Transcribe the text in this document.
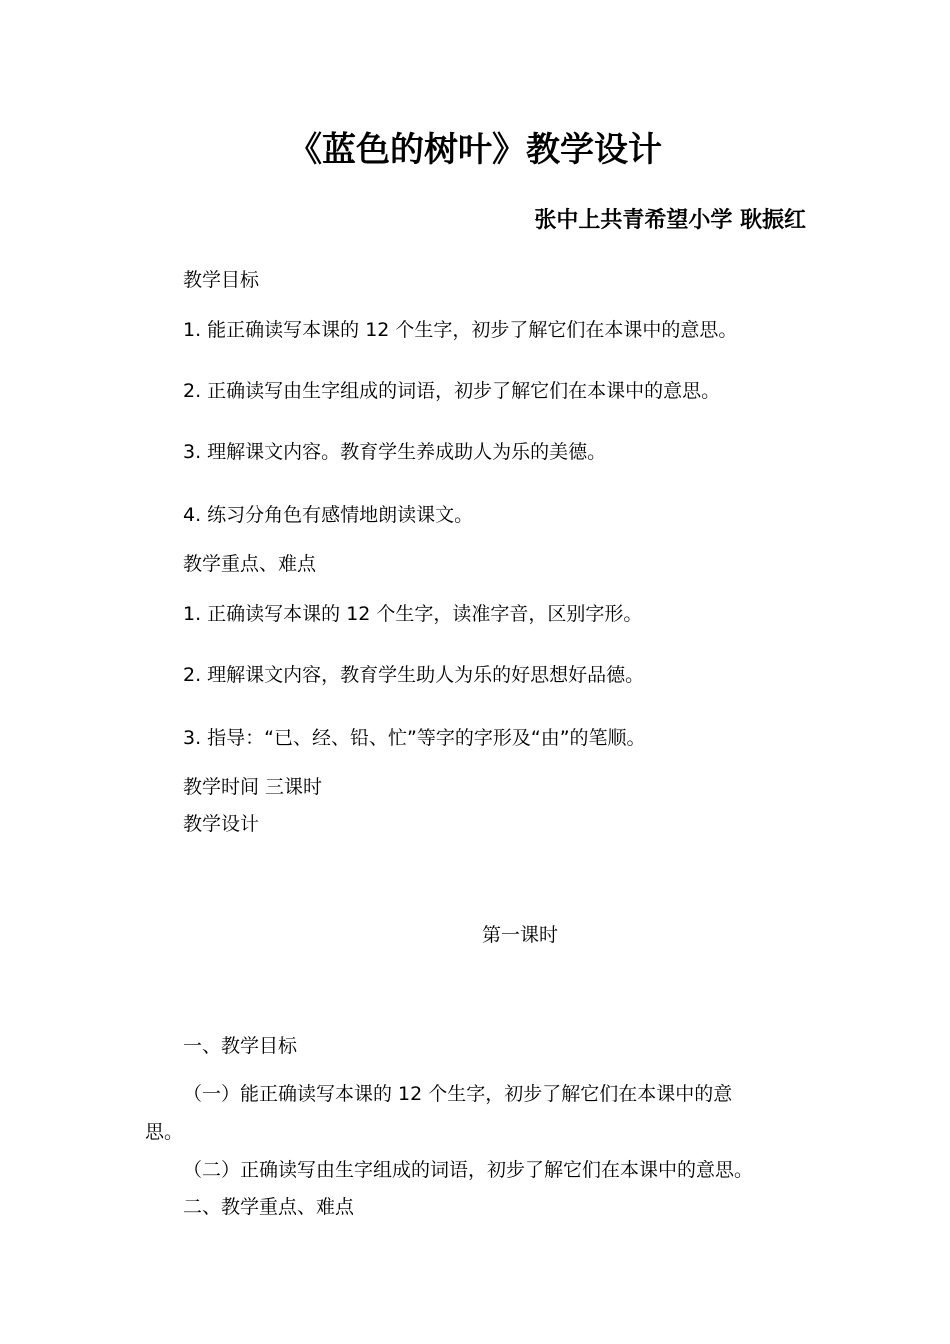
《蓝色的树叶》教学设计
张中上共青希望小学 耿振红
教学目标
1. 能正确读写本课的 12 个生字，初步了解它们在本课中的意思。
2. 正确读写由生字组成的词语，初步了解它们在本课中的意思。
3. 理解课文内容。教育学生养成助人为乐的美德。
4. 练习分角色有感情地朗读课文。
教学重点、难点
1. 正确读写本课的 12 个生字，读准字音，区别字形。
2. 理解课文内容，教育学生助人为乐的好思想好品德。
3. 指导：“已、经、铅、忙”等字的字形及“由”的笔顺。
教学时间 三课时
教学设计
第一课时
一、教学目标
（一）能正确读写本课的 12 个生字，初步了解它们在本课中的意
思。
（二）正确读写由生字组成的词语，初步了解它们在本课中的意思。
二、教学重点、难点
